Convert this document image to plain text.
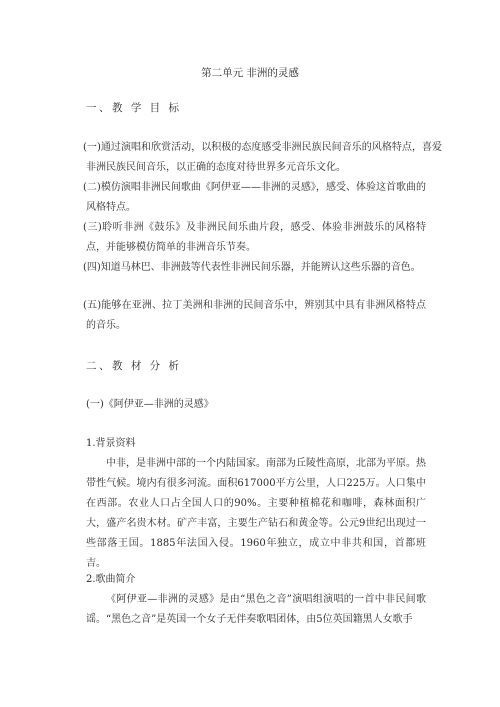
第二单元 非洲的灵感
一、教 学 目 标

(一)通过演唱和欣赏活动，以积极的态度感受非洲民族民间音乐的风格特点，喜爱非洲民族民间音乐，以正确的态度对待世界多元音乐文化。

(二)模仿演唱非洲民间歌曲《阿伊亚——非洲的灵感》，感受、体验这首歌曲的风格特点。

(三)聆听非洲《鼓乐》及非洲民间乐曲片段，感受、体验非洲鼓乐的风格特点，并能够模仿简单的非洲音乐节奏。

(四)知道马林巴、非洲鼓等代表性非洲民间乐器，并能辨认这些乐器的音色。

(五)能够在亚洲、拉丁美洲和非洲的民间音乐中，辨别其中具有非洲风格特点的音乐。

二、教 材 分 析

(一)《阿伊亚—非洲的灵感》

1.背景资料

中非，是非洲中部的一个内陆国家。南部为丘陵性高原，北部为平原。热带性气候。境内有很多河流。面积617000平方公里，人口225万。人口集中在西部。农业人口占全国人口的90%。主要种植棉花和咖啡，森林面积广大，盛产名贵木材。矿产丰富，主要生产钻石和黄金等。公元9世纪出现过一些部落王国。1885年法国入侵。1960年独立，成立中非共和国，首都班吉。

2.歌曲简介

《阿伊亚—非洲的灵感》是由“黑色之音”演唱组演唱的一首中非民间歌谣。“黑色之音”是英国一个女子无伴奏歌唱团体，由5位英国籍黑人女歌手
